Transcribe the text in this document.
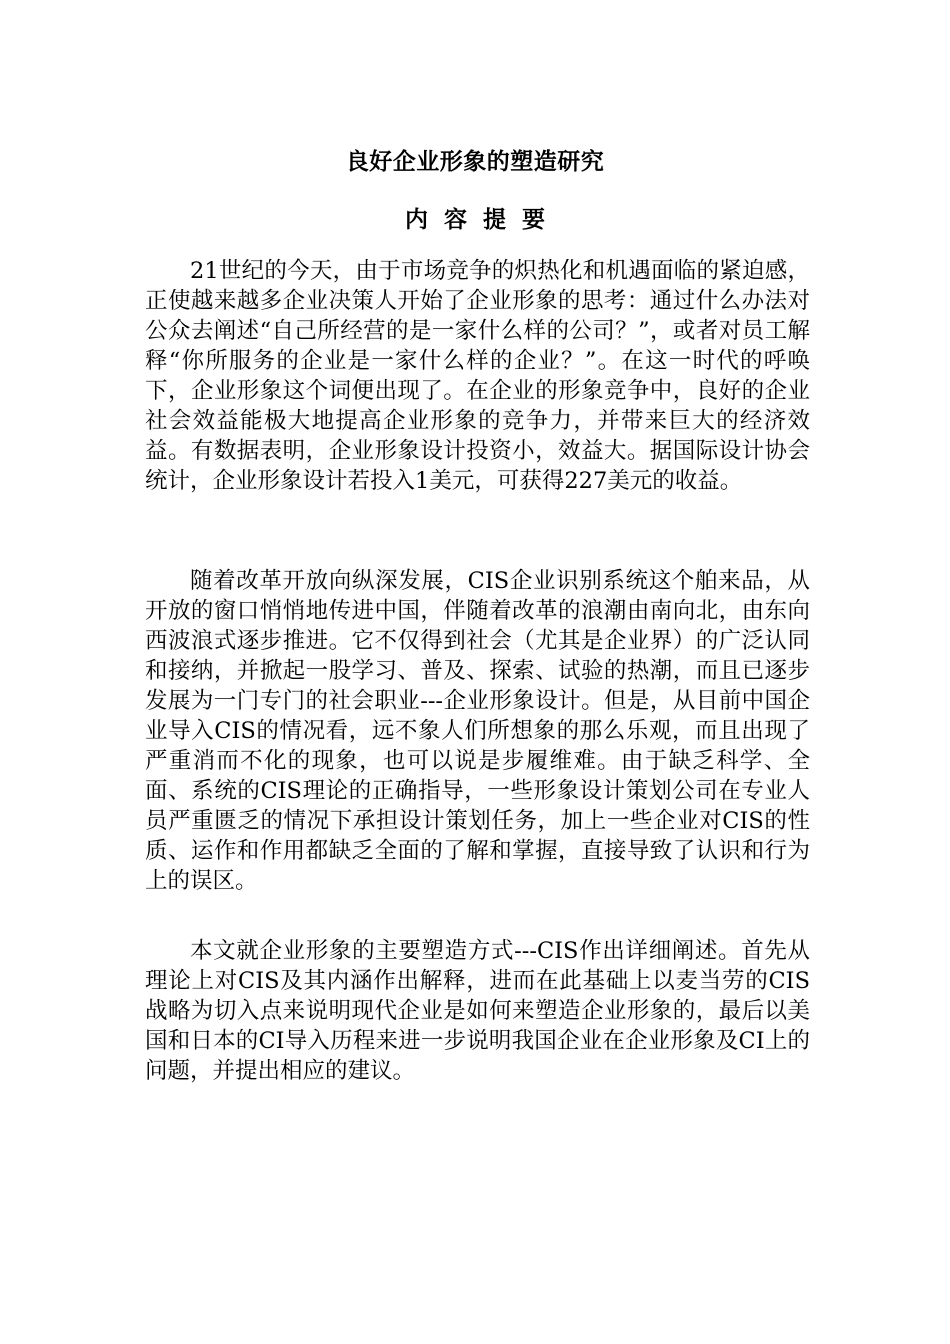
良好企业形象的塑造研究
内容提要

21世纪的今天，由于市场竞争的炽热化和机遇面临的紧迫感，正使越来越多企业决策人开始了企业形象的思考：通过什么办法对公众去阐述“自己所经营的是一家什么样的公司？”，或者对员工解释“你所服务的企业是一家什么样的企业？”。在这一时代的呼唤下，企业形象这个词便出现了。在企业的形象竞争中，良好的企业社会效益能极大地提高企业形象的竞争力，并带来巨大的经济效益。有数据表明，企业形象设计投资小，效益大。据国际设计协会统计，企业形象设计若投入1美元，可获得227美元的收益。

随着改革开放向纵深发展，CIS企业识别系统这个舶来品，从开放的窗口悄悄地传进中国，伴随着改革的浪潮由南向北，由东向西波浪式逐步推进。它不仅得到社会（尤其是企业界）的广泛认同和接纳，并掀起一股学习、普及、探索、试验的热潮，而且已逐步发展为一门专门的社会职业---企业形象设计。但是，从目前中国企业导入CIS的情况看，远不象人们所想象的那么乐观，而且出现了严重消而不化的现象，也可以说是步履维难。由于缺乏科学、全面、系统的CIS理论的正确指导，一些形象设计策划公司在专业人员严重匮乏的情况下承担设计策划任务，加上一些企业对CIS的性质、运作和作用都缺乏全面的了解和掌握，直接导致了认识和行为上的误区。

本文就企业形象的主要塑造方式---CIS作出详细阐述。首先从理论上对CIS及其内涵作出解释，进而在此基础上以麦当劳的CIS战略为切入点来说明现代企业是如何来塑造企业形象的，最后以美国和日本的CI导入历程来进一步说明我国企业在企业形象及CI上的问题，并提出相应的建议。
